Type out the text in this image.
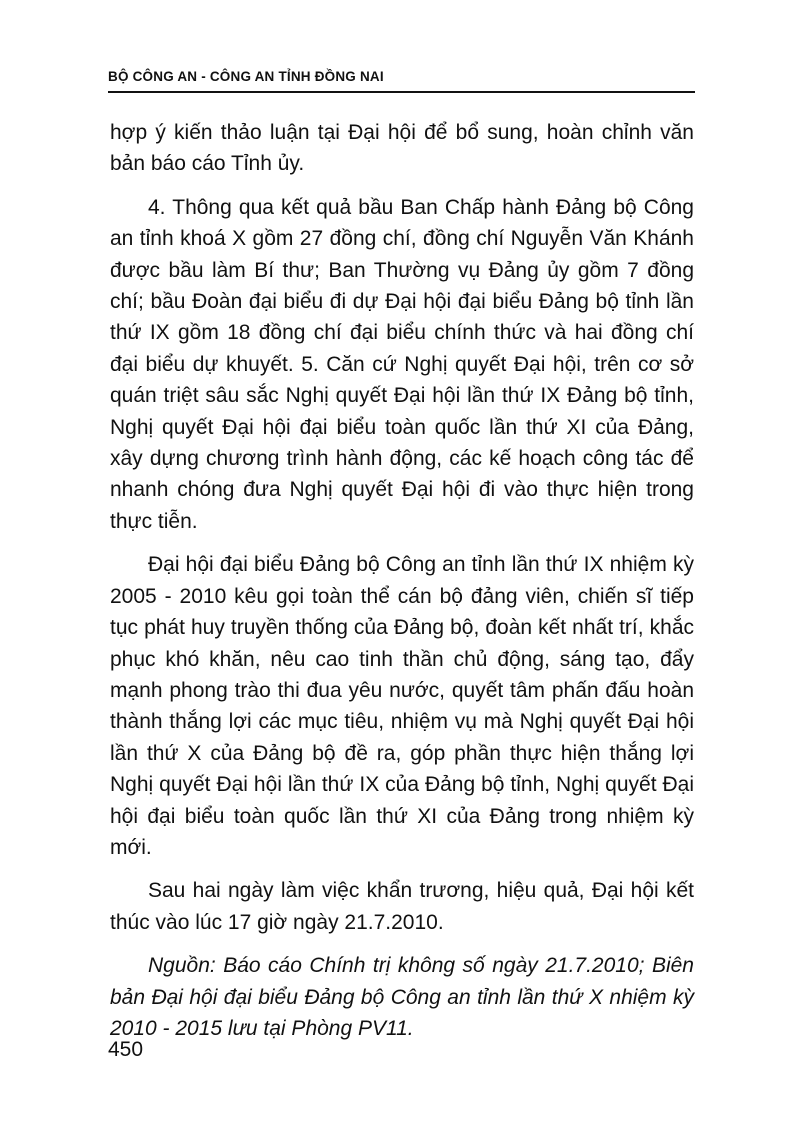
BỘ CÔNG AN - CÔNG AN TỈNH ĐỒNG NAI

hợp ý kiến thảo luận tại Đại hội để bổ sung, hoàn chỉnh văn bản báo cáo Tỉnh ủy.

4. Thông qua kết quả bầu Ban Chấp hành Đảng bộ Công an tỉnh khoá X gồm 27 đồng chí, đồng chí Nguyễn Văn Khánh được bầu làm Bí thư; Ban Thường vụ Đảng ủy gồm 7 đồng chí; bầu Đoàn đại biểu đi dự Đại hội đại biểu Đảng bộ tỉnh lần thứ IX gồm 18 đồng chí đại biểu chính thức và hai đồng chí đại biểu dự khuyết. 5. Căn cứ Nghị quyết Đại hội, trên cơ sở quán triệt sâu sắc Nghị quyết Đại hội lần thứ IX Đảng bộ tỉnh, Nghị quyết Đại hội đại biểu toàn quốc lần thứ XI của Đảng, xây dựng chương trình hành động, các kế hoạch công tác để nhanh chóng đưa Nghị quyết Đại hội đi vào thực hiện trong thực tiễn.

Đại hội đại biểu Đảng bộ Công an tỉnh lần thứ IX nhiệm kỳ 2005 - 2010 kêu gọi toàn thể cán bộ đảng viên, chiến sĩ tiếp tục phát huy truyền thống của Đảng bộ, đoàn kết nhất trí, khắc phục khó khăn, nêu cao tinh thần chủ động, sáng tạo, đẩy mạnh phong trào thi đua yêu nước, quyết tâm phấn đấu hoàn thành thắng lợi các mục tiêu, nhiệm vụ mà Nghị quyết Đại hội lần thứ X của Đảng bộ đề ra, góp phần thực hiện thắng lợi Nghị quyết Đại hội lần thứ IX của Đảng bộ tỉnh, Nghị quyết Đại hội đại biểu toàn quốc lần thứ XI của Đảng trong nhiệm kỳ mới.

Sau hai ngày làm việc khẩn trương, hiệu quả, Đại hội kết thúc vào lúc 17 giờ ngày 21.7.2010.

Nguồn: Báo cáo Chính trị không số ngày 21.7.2010; Biên bản Đại hội đại biểu Đảng bộ Công an tỉnh lần thứ X nhiệm kỳ 2010 - 2015 lưu tại Phòng PV11.

450
